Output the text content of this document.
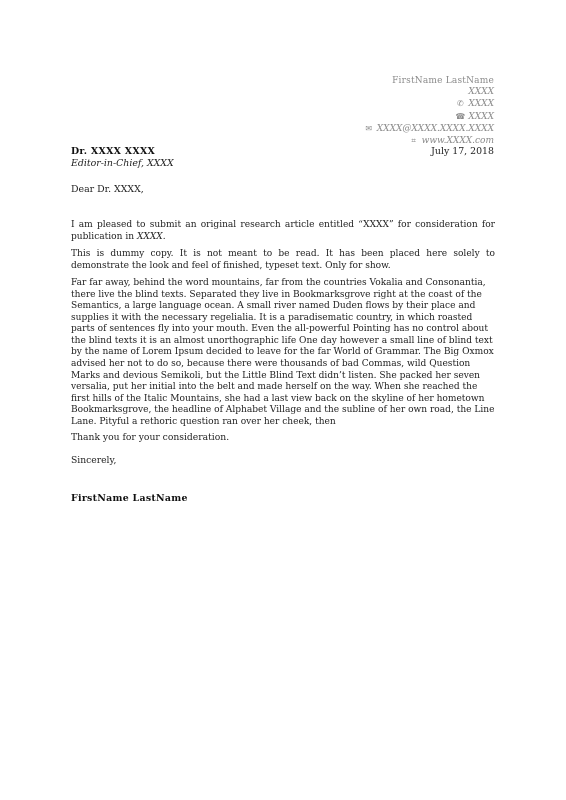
FirstName LastName
XXXX
✆ XXXX
☎ XXXX
✉ XXXX@XXXX.XXXX.XXXX
⌗ www.XXXX.com
Dr. XXXX XXXX
Editor-in-Chief, XXXX
July 17, 2018
Dear Dr. XXXX,

I am pleased to submit an original research article entitled “XXXX” for consideration for publication in XXXX.

This is dummy copy. It is not meant to be read. It has been placed here solely to demonstrate the look and feel of finished, typeset text. Only for show.

Far far away, behind the word mountains, far from the countries Vokalia and Consonantia, there live the blind texts. Separated they live in Bookmarksgrove right at the coast of the Semantics, a large language ocean. A small river named Duden flows by their place and supplies it with the necessary regelialia. It is a paradisematic country, in which roasted parts of sentences fly into your mouth. Even the all-powerful Pointing has no control about the blind texts it is an almost unorthographic life One day however a small line of blind text by the name of Lorem Ipsum decided to leave for the far World of Grammar. The Big Oxmox advised her not to do so, because there were thousands of bad Commas, wild Question Marks and devious Semikoli, but the Little Blind Text didn’t listen. She packed her seven versalia, put her initial into the belt and made herself on the way. When she reached the first hills of the Italic Mountains, she had a last view back on the skyline of her hometown Bookmarksgrove, the headline of Alphabet Village and the subline of her own road, the Line Lane. Pityful a rethoric question ran over her cheek, then

Thank you for your consideration.
Sincerely,
FirstName LastName
